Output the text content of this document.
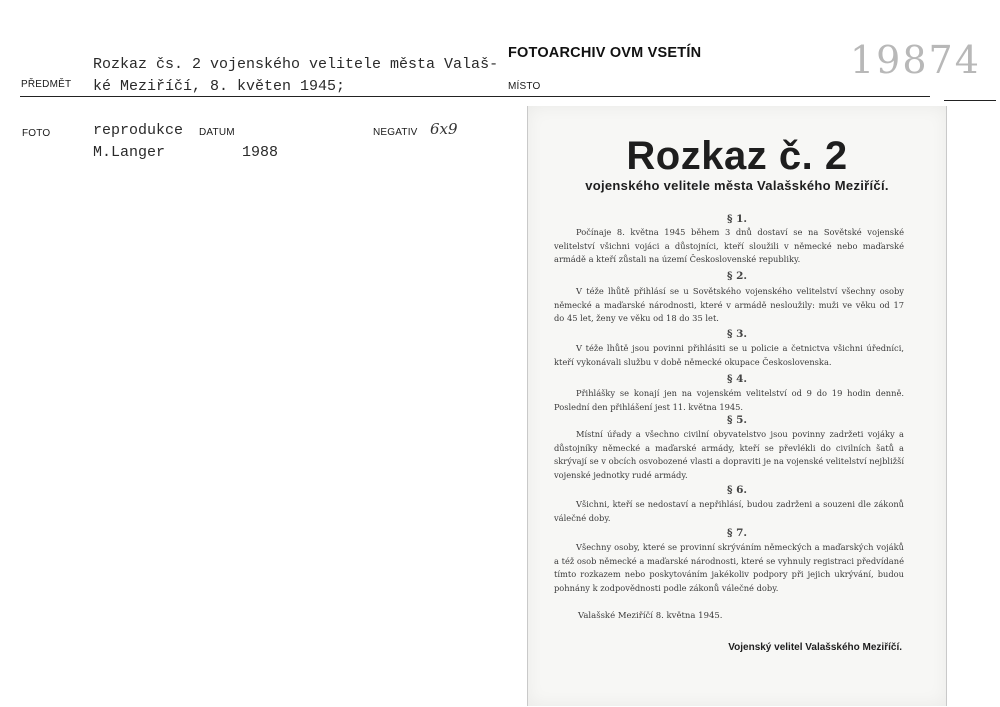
Rozkaz čs. 2 vojenského velitele města Valaš-
ké Meziříčí, 8. květen 1945;
PŘEDMĚT
FOTOARCHIV OVM VSETÍN
MÍSTO
19874
FOTO	reprodukce
M.Langer
DATUM
1988
NEGATIV 6x9
Rozkaz č. 2
vojenského velitele města Valašského Meziříčí.
§ 1.
Počínaje 8. května 1945 během 3 dnů dostaví se na Sovětské vojenské velitelství všichni vojáci a důstojníci, kteří sloužili v německé nebo maďarské armádě a kteří zůstali na území Československé republiky.
§ 2.
V téže lhůtě přihlásí se u Sovětského vojenského velitelství všechny osoby německé a maďarské národnosti, které v armádě nesloužily: muži ve věku od 17 do 45 let, ženy ve věku od 18 do 35 let.
§ 3.
V téže lhůtě jsou povinni přihlásiti se u policie a četnictva všichni úředníci, kteří vykonávali službu v době německé okupace Československa.
§ 4.
Přihlášky se konají jen na vojenském velitelství od 9 do 19 hodin denně. Poslední den přihlášení jest 11. května 1945.
§ 5.
Místní úřady a všechno civilní obyvatelstvo jsou povinny zadržeti vojáky a důstojníky německé a maďarské armády, kteří se převlékli do civilních šatů a skrývají se v obcích osvobozené vlasti a dopraviti je na vojenské velitelství nejbližší vojenské jednotky rudé armády.
§ 6.
Všichni, kteří se nedostaví a nepřihlásí, budou zadrženi a souzeni dle zákonů válečné doby.
§ 7.
Všechny osoby, které se provinní skrýváním německých a maďarských vojáků a též osob německé a maďarské národnosti, které se vyhnuly registraci předvídané tímto rozkazem nebo poskytováním jakékoliv podpory při jejich ukrývání, budou pohnány k zodpovědnosti podle zákonů válečné doby.
Valašské Meziříčí 8. května 1945.
Vojenský velitel Valašského Meziříčí.
